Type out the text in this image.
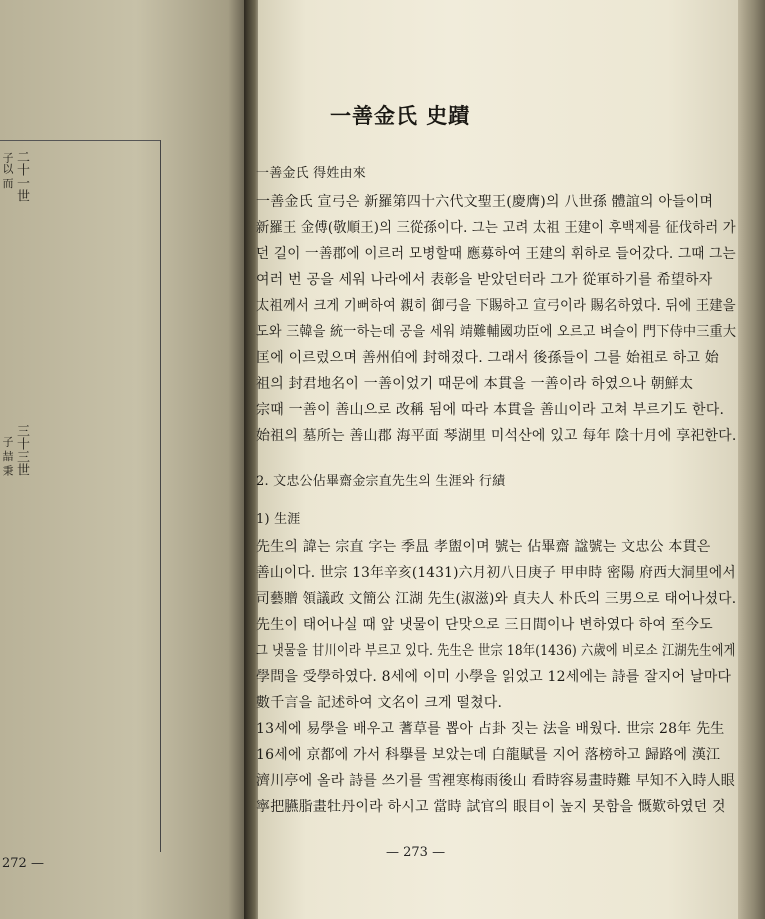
二十一世
子以 而
三十三世
子 喆 秉
272 —
一善金氏 史蹟
一善金氏 得姓由來
一善金氏 宣弓은 新羅第四十六代文聖王(慶膺)의 八世孫 體誼의 아들이며
新羅王 金傅(敬順王)의 三從孫이다. 그는 고려 太祖 王建이 후백제를 征伐하러 가
던 길이 一善郡에 이르러 모병할때 應募하여 王建의 휘하로 들어갔다. 그때 그는
여러 번 공을 세워 나라에서 表彰을 받았던터라 그가 從軍하기를 希望하자
太祖께서 크게 기뻐하여 親히 御弓을 下賜하고 宣弓이라 賜名하였다. 뒤에 王建을
도와 三韓을 統一하는데 공을 세워 靖難輔國功臣에 오르고 벼슬이 門下侍中三重大
匡에 이르렀으며 善州伯에 封해졌다. 그래서 後孫들이 그를 始祖로 하고 始
祖의 封君地名이 一善이었기 때문에 本貫을 一善이라 하였으나 朝鮮太
宗때 一善이 善山으로 改稱 됨에 따라 本貫을 善山이라 고쳐 부르기도 한다.
始祖의 墓所는 善山郡 海平面 琴湖里 미석산에 있고 每年 陰十月에 享祀한다.
2. 文忠公佔畢齋金宗直先生의 生涯와 行績
1) 生涯
先生의 諱는 宗直 字는 季昷 孝盥이며 號는 佔畢齋 諡號는 文忠公 本貫은
善山이다. 世宗 13年辛亥(1431)六月初八日庚子 甲申時 密陽 府西大洞里에서
司藝贈 領議政 文簡公 江湖 先生(淑滋)와 貞夫人 朴氏의 三男으로 태어나셨다.
先生이 태어나실 때 앞 냇물이 단맛으로 三日間이나 변하였다 하여 至今도
그 냇물을 甘川이라 부르고 있다. 先生은 世宗 18年(1436) 六歲에 비로소 江湖先生에게
學問을 受學하였다. 8세에 이미 小學을 읽었고 12세에는 詩를 잘지어 날마다
數千言을 記述하여 文名이 크게 떨쳤다.
13세에 易學을 배우고 蓍草를 뽑아 占卦 짓는 法을 배웠다. 世宗 28年 先生
16세에 京都에 가서 科擧를 보았는데 白龍賦를 지어 落榜하고 歸路에 漢江
濟川亭에 올라 詩를 쓰기를 雪裡寒梅雨後山 看時容易畫時難 早知不入時人眼
寧把臙脂畫牡丹이라 하시고 當時 試官의 眼目이 높지 못함을 慨歎하였던 것
— 273 —
